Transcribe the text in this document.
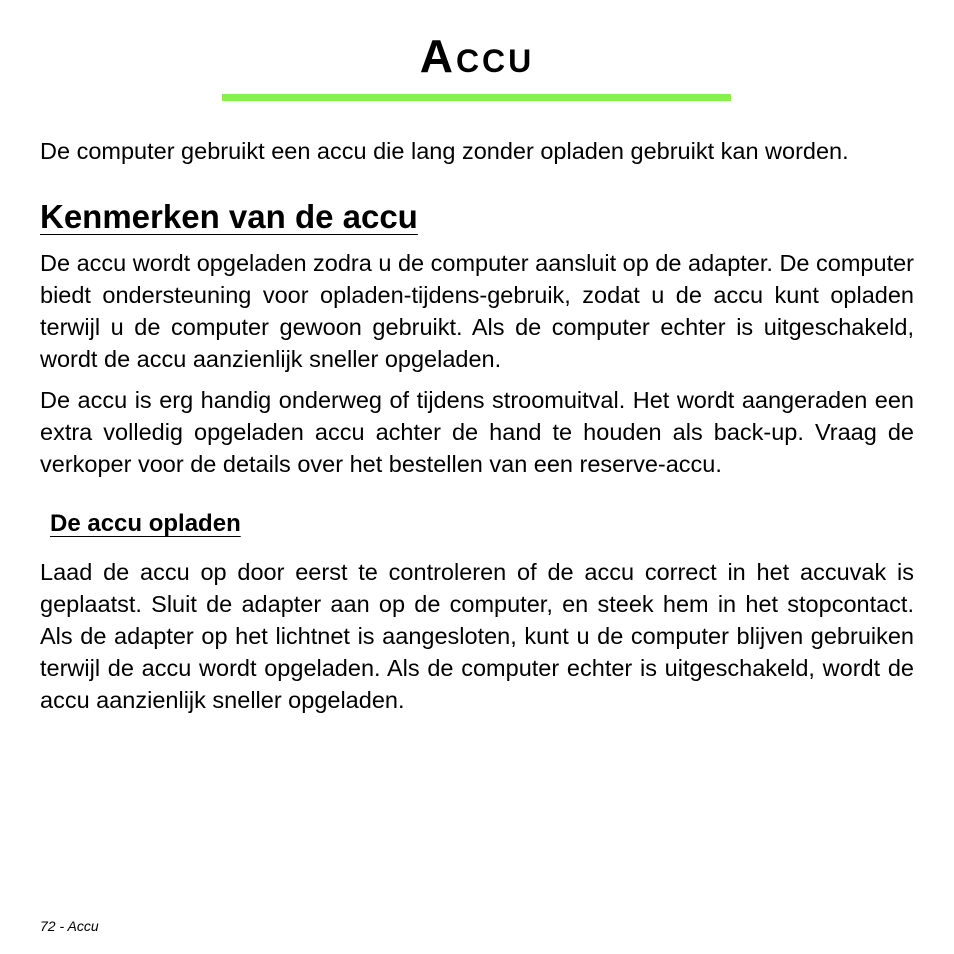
Accu

De computer gebruikt een accu die lang zonder opladen gebruikt kan worden.

Kenmerken van de accu

De accu wordt opgeladen zodra u de computer aansluit op de adapter. De computer biedt ondersteuning voor opladen-tijdens-gebruik, zodat u de accu kunt opladen terwijl u de computer gewoon gebruikt. Als de computer echter is uitgeschakeld, wordt de accu aanzienlijk sneller opgeladen.

De accu is erg handig onderweg of tijdens stroomuitval. Het wordt aangeraden een extra volledig opgeladen accu achter de hand te houden als back-up. Vraag de verkoper voor de details over het bestellen van een reserve-accu.

De accu opladen

Laad de accu op door eerst te controleren of de accu correct in het accuvak is geplaatst. Sluit de adapter aan op de computer, en steek hem in het stopcontact. Als de adapter op het lichtnet is aangesloten, kunt u de computer blijven gebruiken terwijl de accu wordt opgeladen. Als de computer echter is uitgeschakeld, wordt de accu aanzienlijk sneller opgeladen.

72 - Accu
